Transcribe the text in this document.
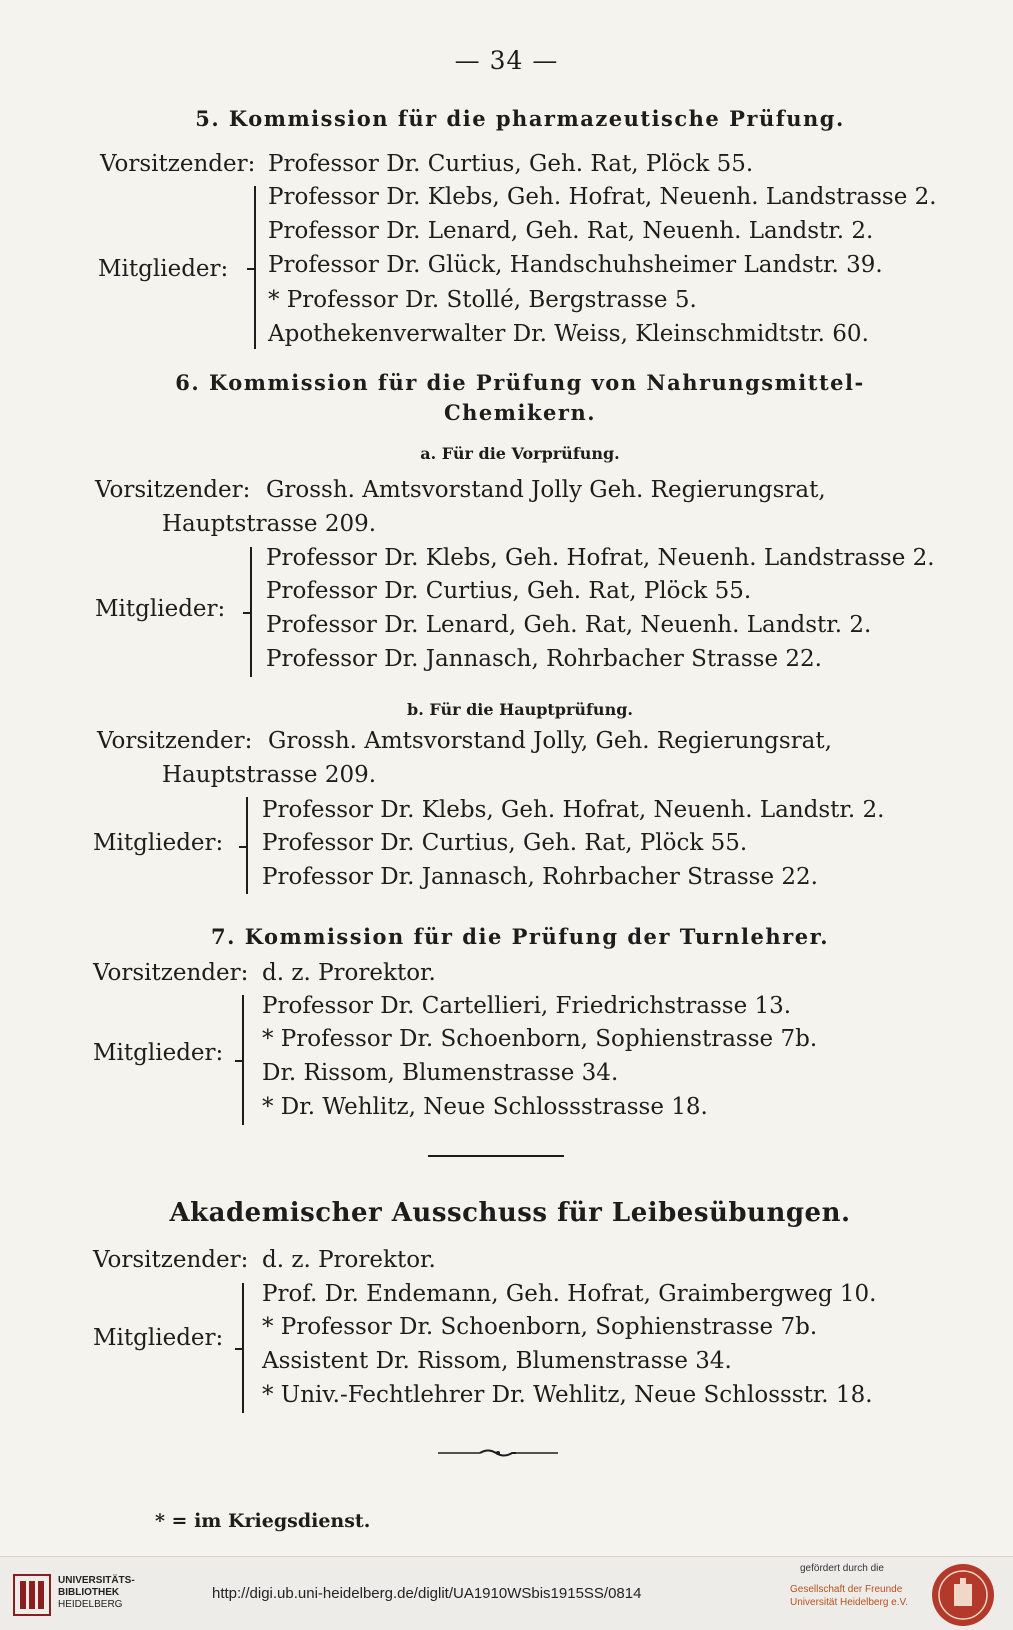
— 34 —
5. Kommission für die pharmazeutische Prüfung.
Vorsitzender: Professor Dr. Curtius, Geh. Rat, Plöck 55.
Mitglieder:
Professor Dr. Klebs, Geh. Hofrat, Neuenh. Landstrasse 2.
Professor Dr. Lenard, Geh. Rat, Neuenh. Landstr. 2.
Professor Dr. Glück, Handschuhsheimer Landstr. 39.
* Professor Dr. Stollé, Bergstrasse 5.
Apothekenverwalter Dr. Weiss, Kleinschmidtstr. 60.
6. Kommission für die Prüfung von Nahrungsmittel-
Chemikern.
a. Für die Vorprüfung.
Vorsitzender: Grossh. Amtsvorstand Jolly Geh. Regierungsrat,
Hauptstrasse 209.
Mitglieder:
Professor Dr. Klebs, Geh. Hofrat, Neuenh. Landstrasse 2.
Professor Dr. Curtius, Geh. Rat, Plöck 55.
Professor Dr. Lenard, Geh. Rat, Neuenh. Landstr. 2.
Professor Dr. Jannasch, Rohrbacher Strasse 22.
b. Für die Hauptprüfung.
Vorsitzender: Grossh. Amtsvorstand Jolly, Geh. Regierungsrat,
Hauptstrasse 209.
Mitglieder:
Professor Dr. Klebs, Geh. Hofrat, Neuenh. Landstr. 2.
Professor Dr. Curtius, Geh. Rat, Plöck 55.
Professor Dr. Jannasch, Rohrbacher Strasse 22.
7. Kommission für die Prüfung der Turnlehrer.
Vorsitzender: d. z. Prorektor.
Mitglieder:
Professor Dr. Cartellieri, Friedrichstrasse 13.
* Professor Dr. Schoenborn, Sophienstrasse 7b.
Dr. Rissom, Blumenstrasse 34.
* Dr. Wehlitz, Neue Schlossstrasse 18.
Akademischer Ausschuss für Leibesübungen.
Vorsitzender: d. z. Prorektor.
Mitglieder:
Prof. Dr. Endemann, Geh. Hofrat, Graimbergweg 10.
* Professor Dr. Schoenborn, Sophienstrasse 7b.
Assistent Dr. Rissom, Blumenstrasse 34.
* Univ.-Fechtlehrer Dr. Wehlitz, Neue Schlossstr. 18.
* = im Kriegsdienst.
UNIVERSITÄTS-
BIBLIOTHEK
HEIDELBERG
http://digi.ub.uni-heidelberg.de/diglit/UA1910WSbis1915SS/0814
gefördert durch die
Gesellschaft der Freunde
Universität Heidelberg e.V.
